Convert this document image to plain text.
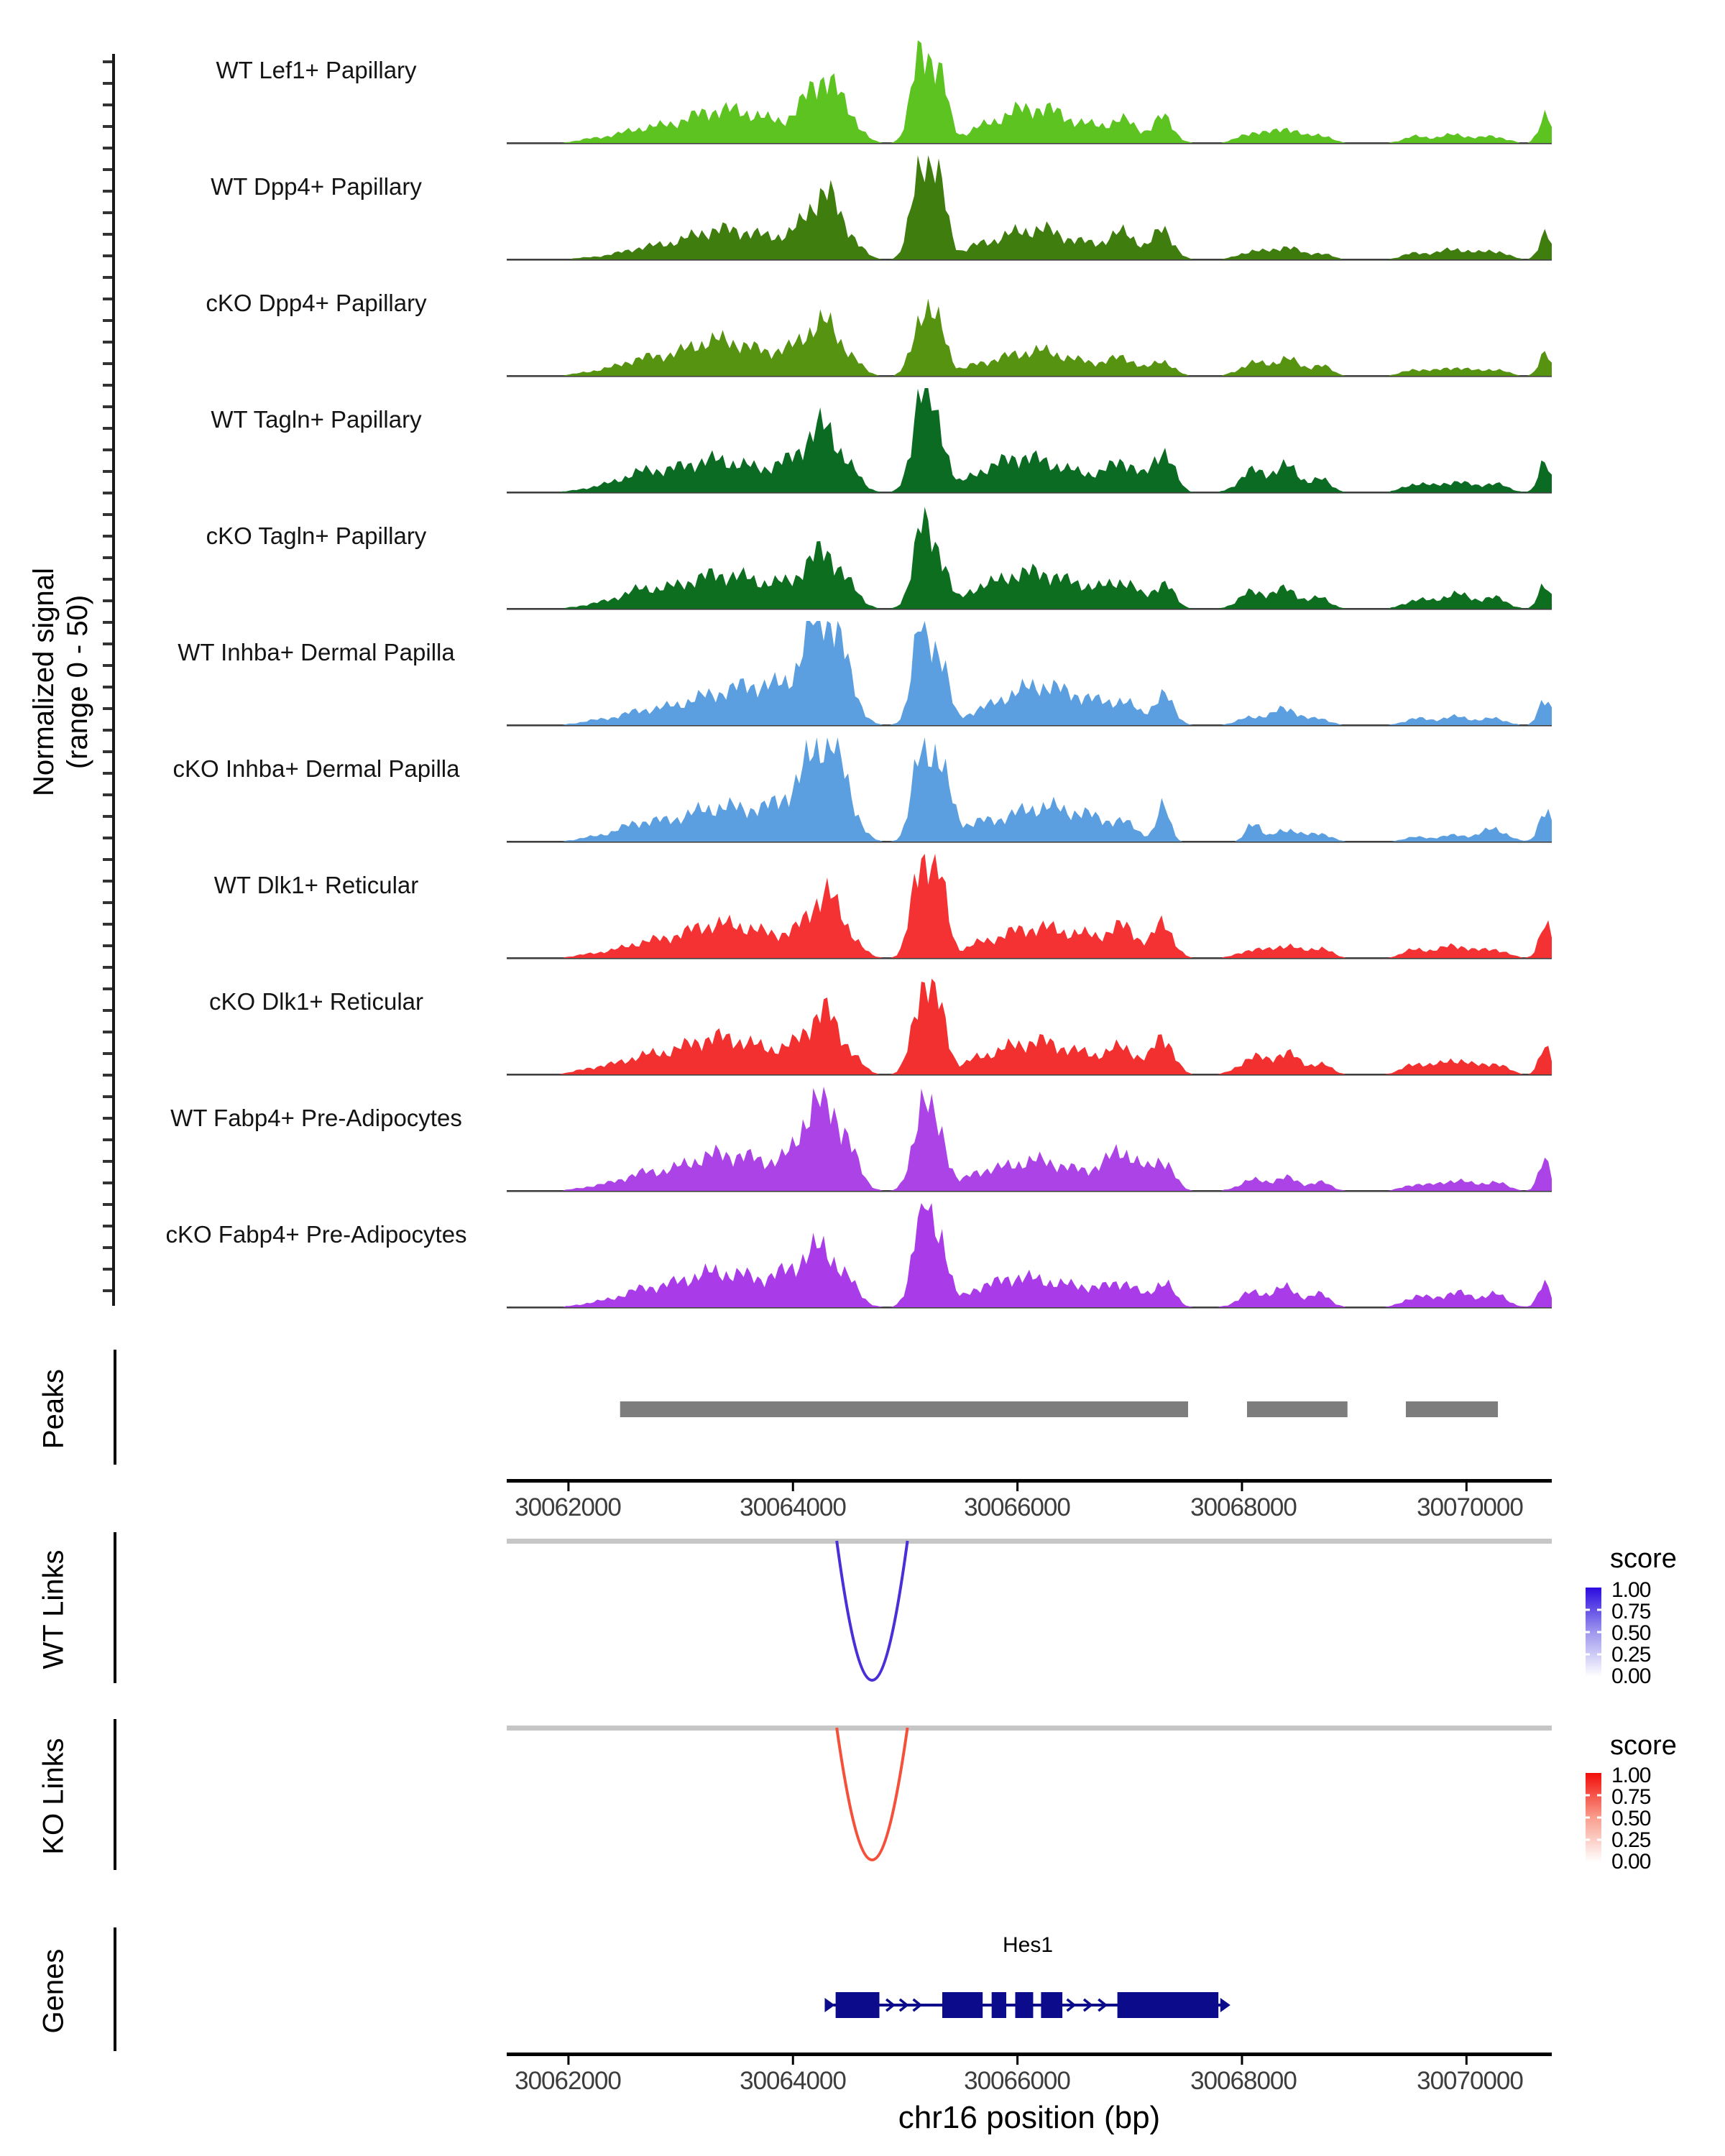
Normalized signal (range 0 - 50)
WT Lef1+ Papillary
WT Dpp4+ Papillary
cKO Dpp4+ Papillary
WT Tagln+ Papillary
cKO Tagln+ Papillary
WT Inhba+ Dermal Papilla
cKO Inhba+ Dermal Papilla
WT Dlk1+ Reticular
cKO Dlk1+ Reticular
WT Fabp4+ Pre-Adipocytes
cKO Fabp4+ Pre-Adipocytes
Peaks
WT Links
KO Links
Genes
30062000	30064000	30066000	30068000	30070000
score
1.00
0.75
0.50
0.25
0.00
score
1.00
0.75
0.50
0.25
0.00
Hes1
30062000	30064000	30066000	30068000	30070000
chr16 position (bp)
